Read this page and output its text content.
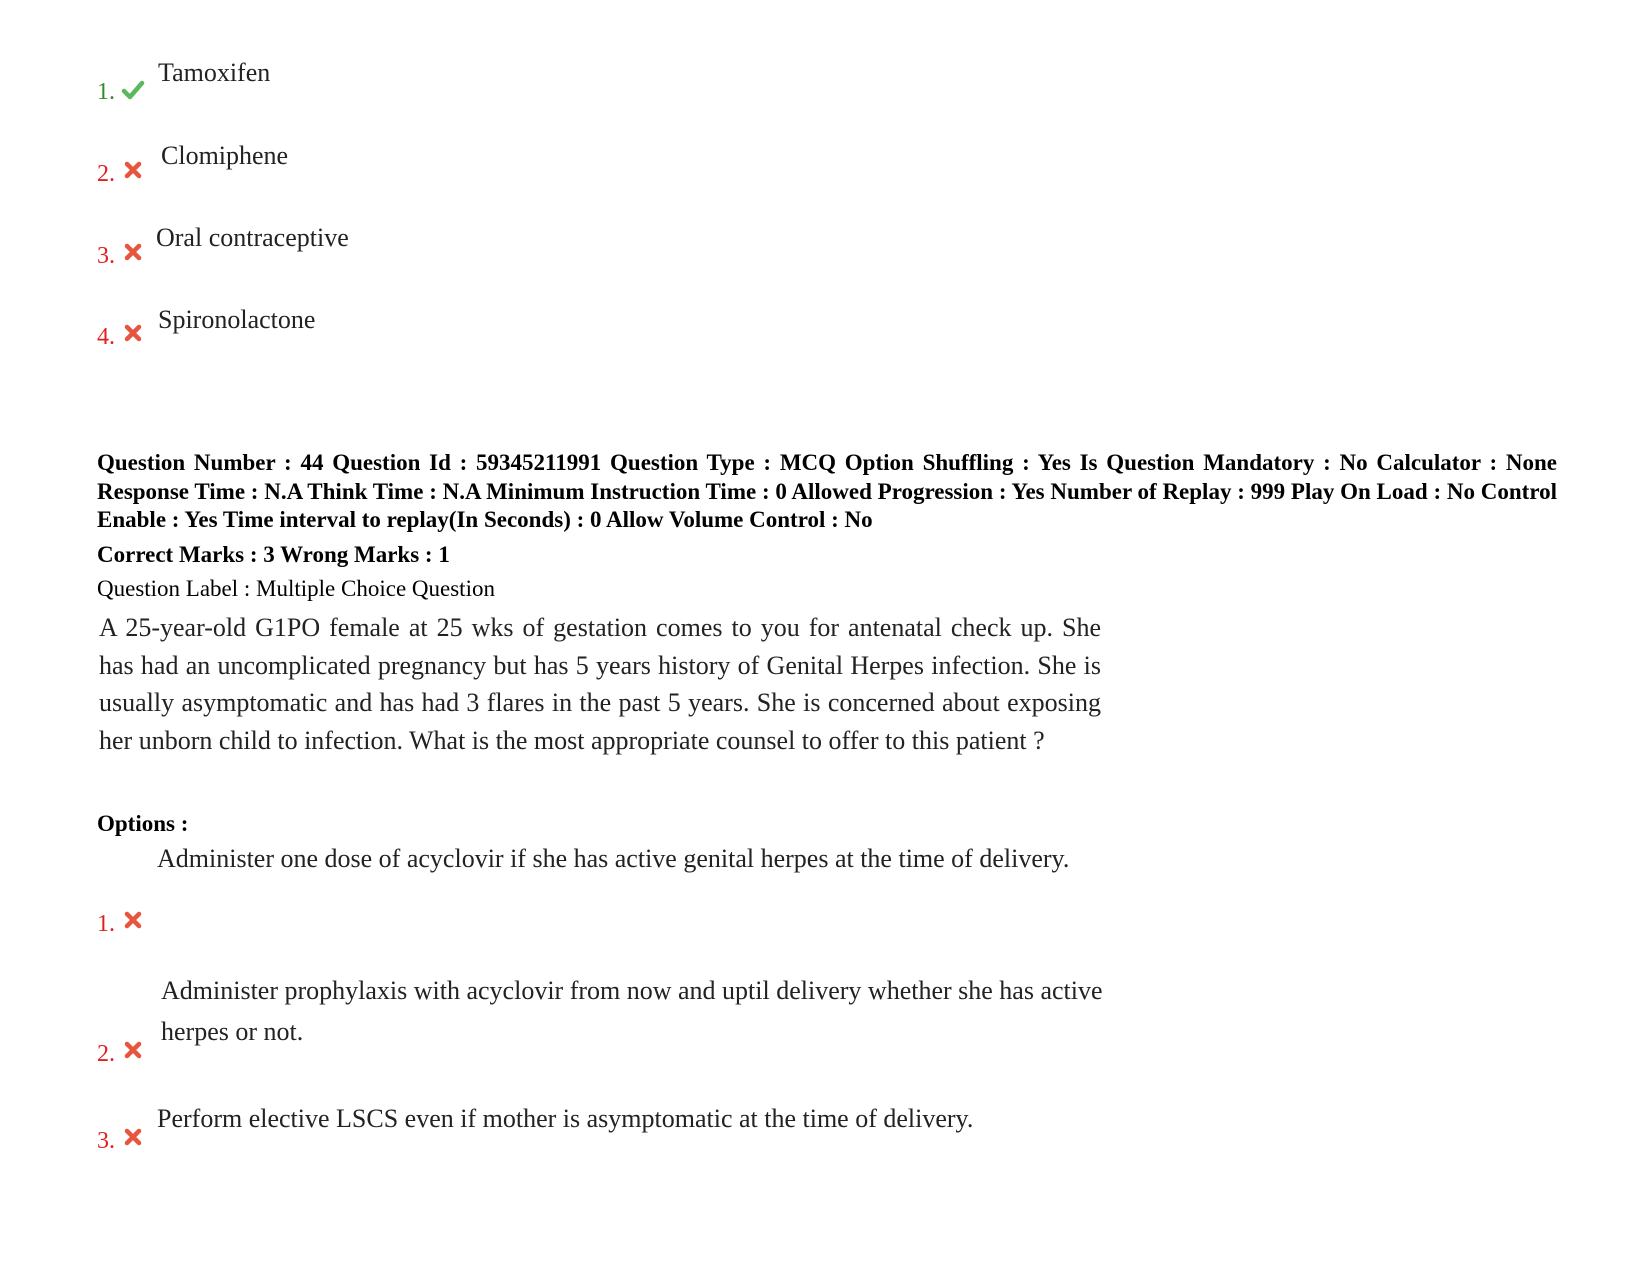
1.
Tamoxifen
2.
Clomiphene
3.
Oral contraceptive
4.
Spironolactone
Question Number : 44 Question Id : 59345211991 Question Type : MCQ Option Shuffling : Yes Is Question Mandatory : No Calculator : None Response Time : N.A Think Time : N.A Minimum Instruction Time : 0 Allowed Progression : Yes Number of Replay : 999 Play On Load : No Control Enable : Yes Time interval to replay(In Seconds) : 0 Allow Volume Control : No
Correct Marks : 3 Wrong Marks : 1
Question Label : Multiple Choice Question
A 25-year-old G1PO female at 25 wks of gestation comes to you for antenatal check up. She has had an uncomplicated pregnancy but has 5 years history of Genital Herpes infection. She is usually asymptomatic and has had 3 flares in the past 5 years. She is concerned about exposing her unborn child to infection. What is the most appropriate counsel to offer to this patient ?
Options :
1.
Administer one dose of acyclovir if she has active genital herpes at the time of delivery.
2.
Administer prophylaxis with acyclovir from now and uptil delivery whether she has active herpes or not.
3.
Perform elective LSCS even if mother is asymptomatic at the time of delivery.
